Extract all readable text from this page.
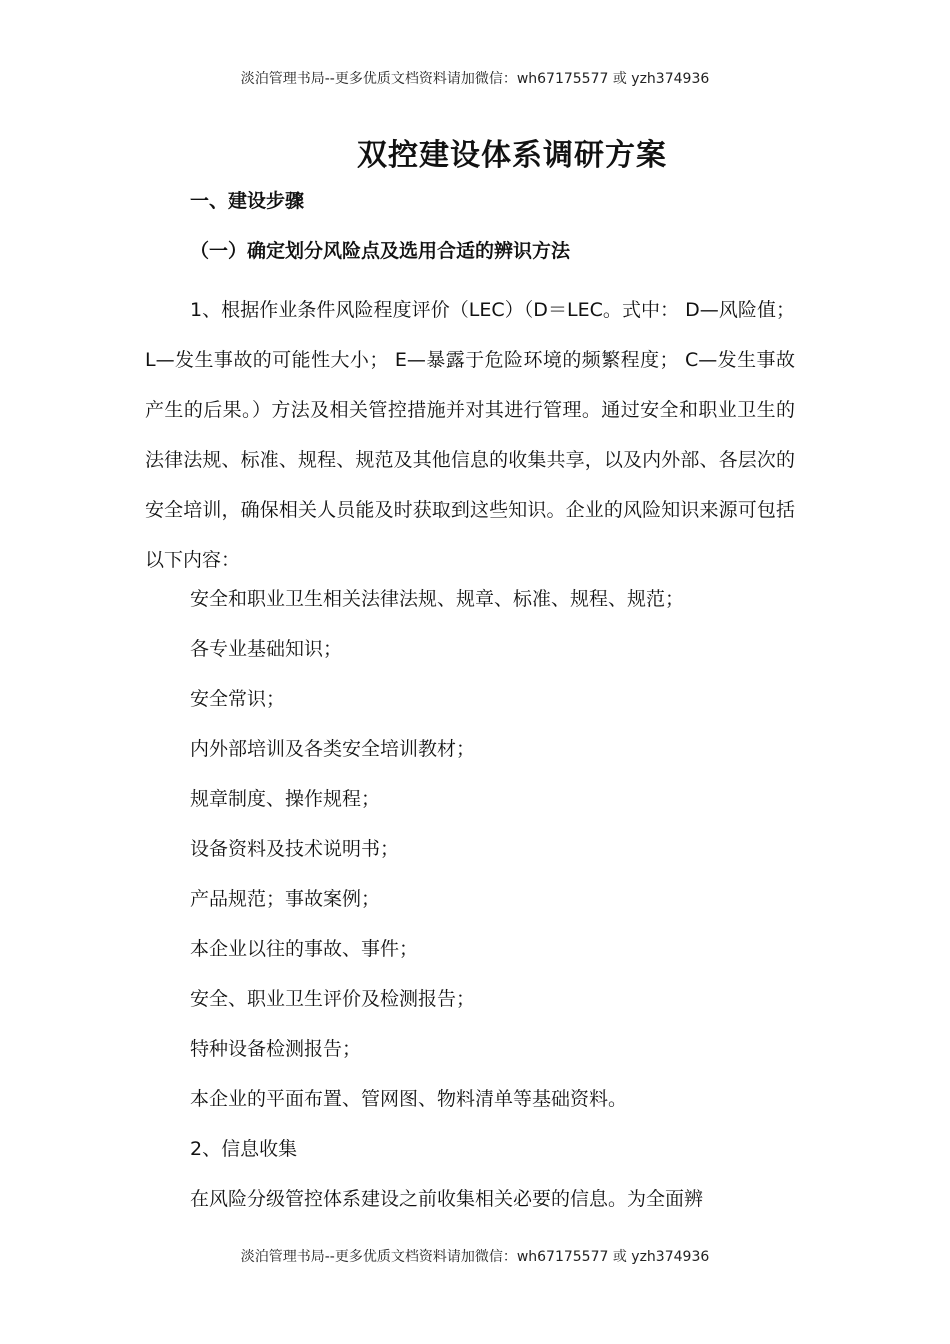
淡泊管理书局--更多优质文档资料请加微信：wh67175577 或 yzh374936
双控建设体系调研方案
一、建设步骤
（一）确定划分风险点及选用合适的辨识方法
1、根据作业条件风险程度评价（LEC）（D＝LEC。式中： D—风险值； L—发生事故的可能性大小； E—暴露于危险环境的频繁程度； C—发生事故产生的后果。）方法及相关管控措施并对其进行管理。通过安全和职业卫生的法律法规、标准、规程、规范及其他信息的收集共享，以及内外部、各层次的安全培训，确保相关人员能及时获取到这些知识。企业的风险知识来源可包括以下内容：
安全和职业卫生相关法律法规、规章、标准、规程、规范；
各专业基础知识；
安全常识；
内外部培训及各类安全培训教材；
规章制度、操作规程；
设备资料及技术说明书；
产品规范；事故案例；
本企业以往的事故、事件；
安全、职业卫生评价及检测报告；
特种设备检测报告；
本企业的平面布置、管网图、物料清单等基础资料。
2、信息收集
在风险分级管控体系建设之前收集相关必要的信息。为全面辨
淡泊管理书局--更多优质文档资料请加微信：wh67175577 或 yzh374936
